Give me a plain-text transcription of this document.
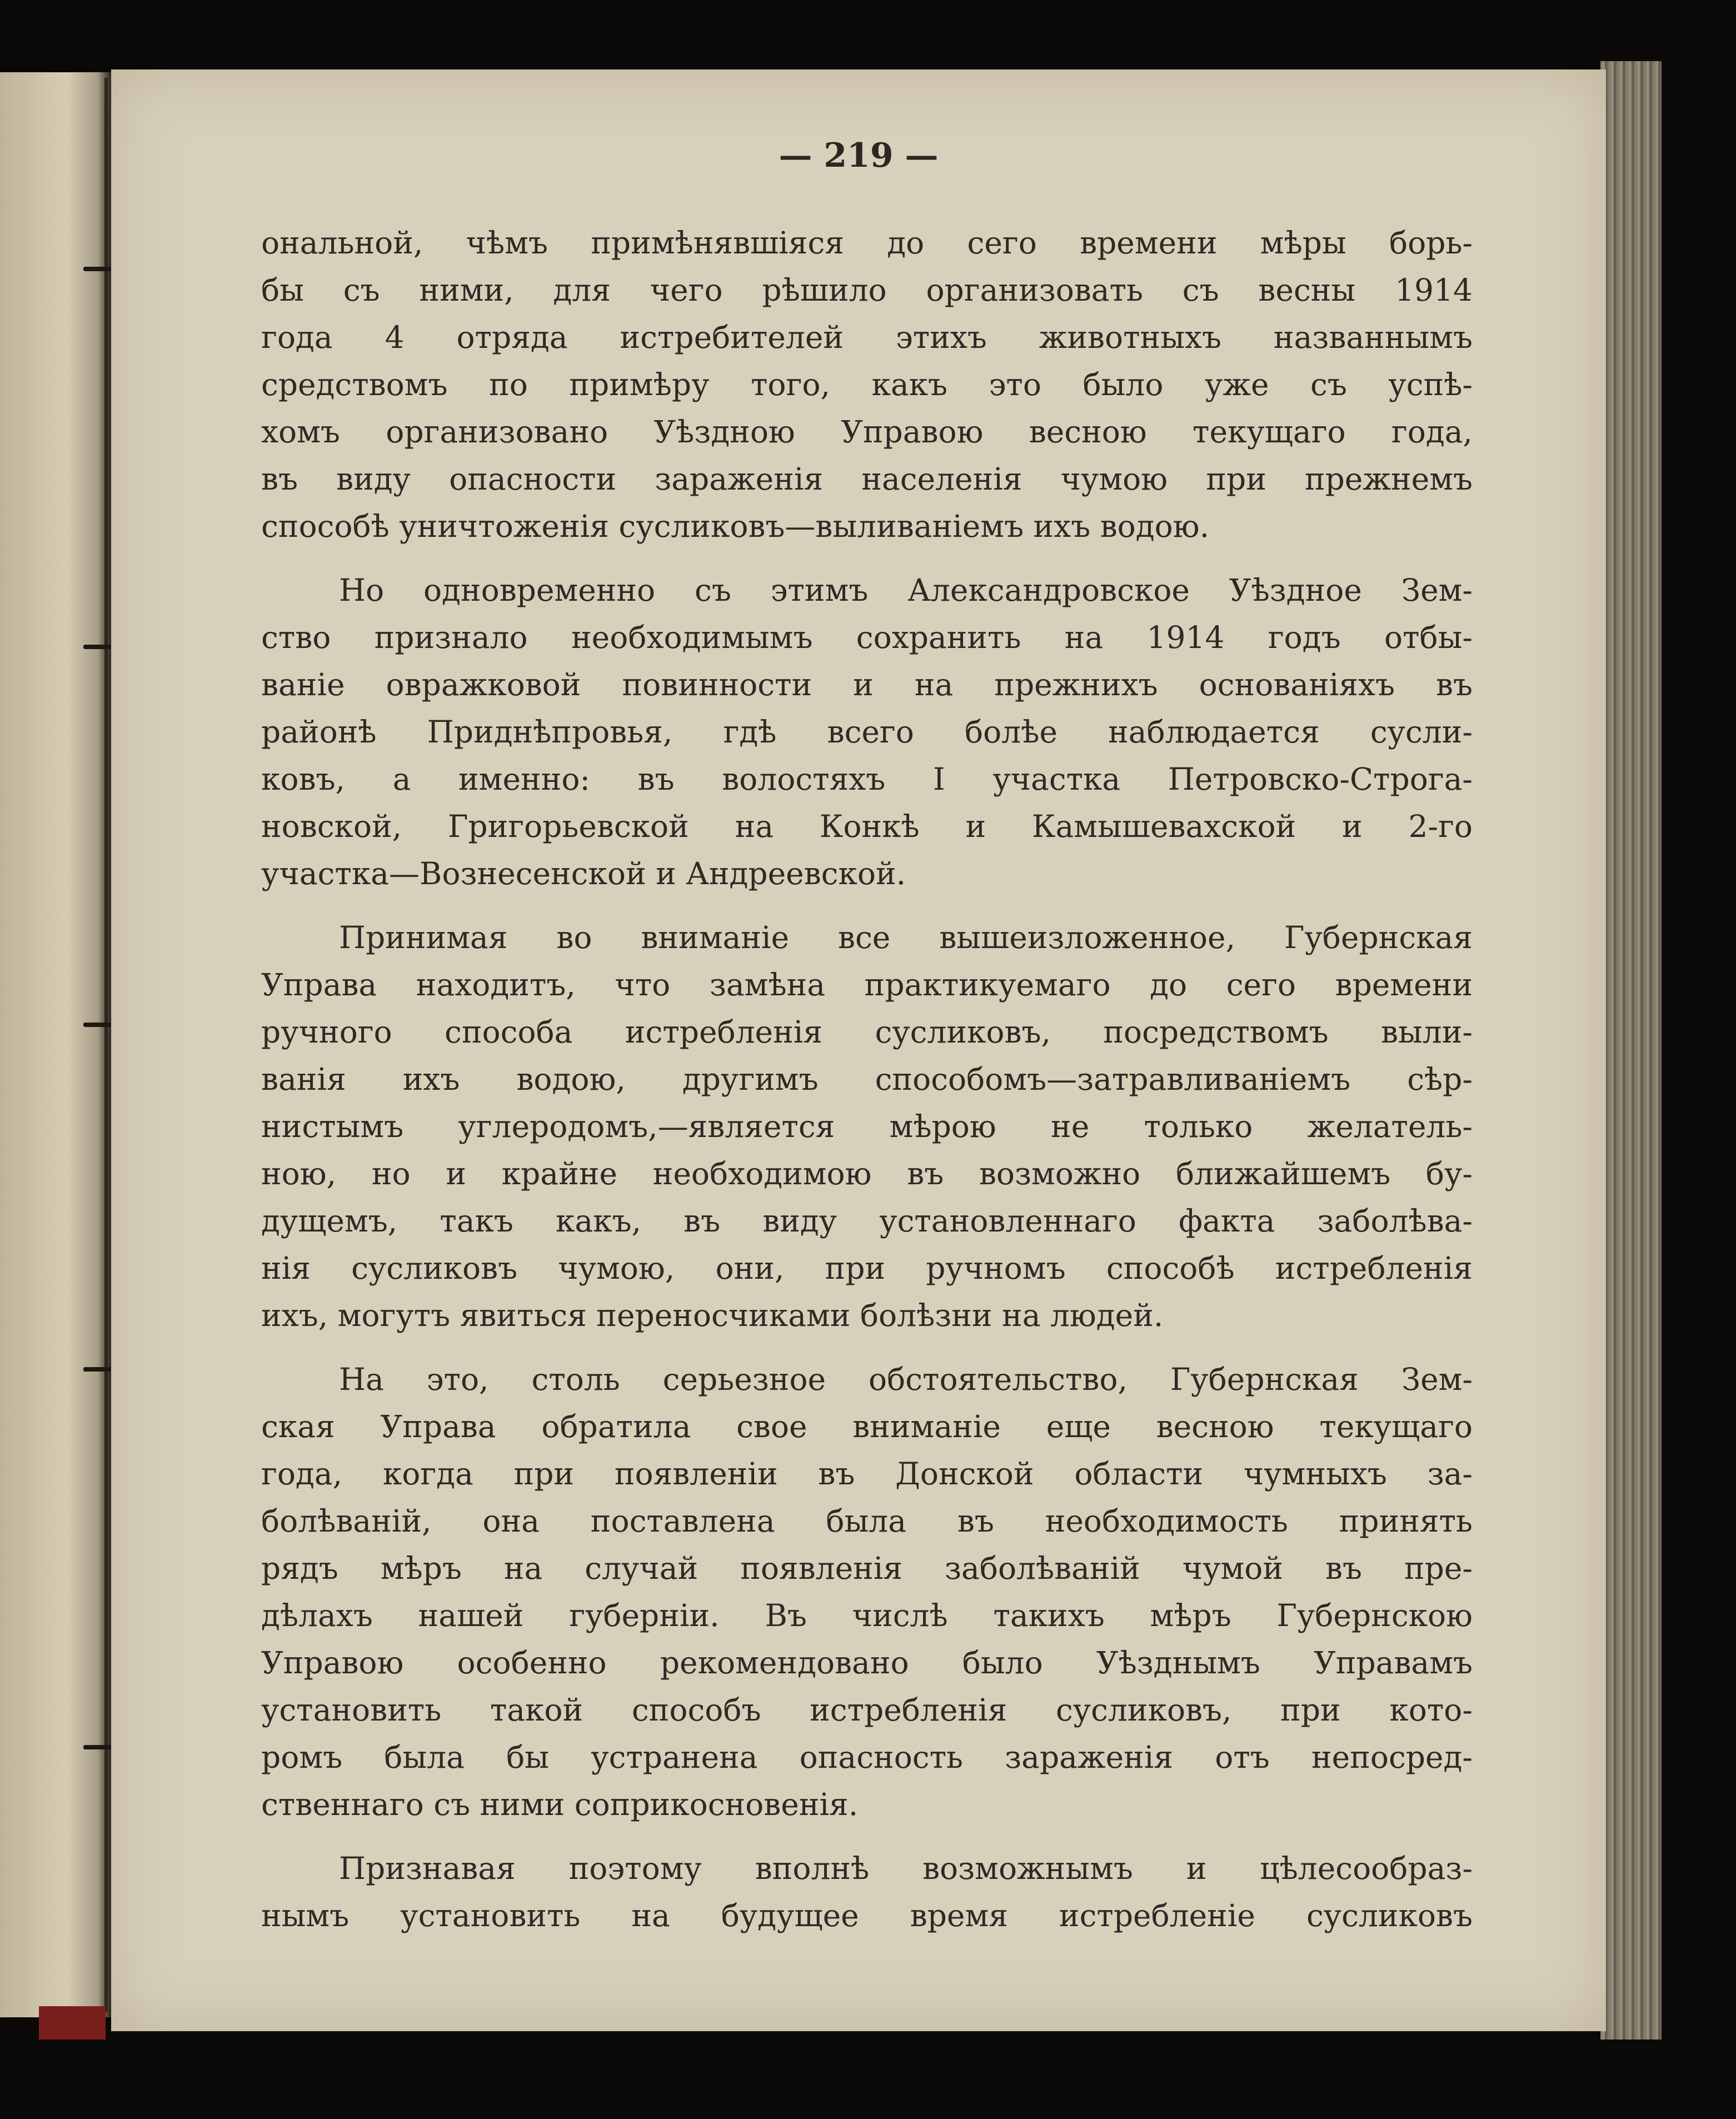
— 219 —
ональной, чѣмъ примѣнявшіяся до сего времени мѣры борь-
бы съ ними, для чего рѣшило организовать съ весны 1914
года 4 отряда истребителей этихъ животныхъ названнымъ
средствомъ по примѣру того, какъ это было уже съ успѣ-
хомъ организовано Уѣздною Управою весною текущаго года,
въ виду опасности зараженія населенія чумою при прежнемъ
способѣ уничтоженія сусликовъ—выливаніемъ ихъ водою.
Но одновременно съ этимъ Александровское Уѣздное Зем-
ство признало необходимымъ сохранить на 1914 годъ отбы-
ваніе овражковой повинности и на прежнихъ основаніяхъ въ
районѣ Приднѣпровья, гдѣ всего болѣе наблюдается сусли-
ковъ, а именно: въ волостяхъ I участка Петровско-Строга-
новской, Григорьевской на Конкѣ и Камышевахской и 2-го
участка—Вознесенской и Андреевской.
Принимая во вниманіе все вышеизложенное, Губернская
Управа находитъ, что замѣна практикуемаго до сего времени
ручного способа истребленія сусликовъ, посредствомъ выли-
ванія ихъ водою, другимъ способомъ—затравливаніемъ сѣр-
нистымъ углеродомъ,—является мѣрою не только желатель-
ною, но и крайне необходимою въ возможно ближайшемъ бу-
дущемъ, такъ какъ, въ виду установленнаго факта заболѣва-
нія сусликовъ чумою, они, при ручномъ способѣ истребленія
ихъ, могутъ явиться переносчиками болѣзни на людей.
На это, столь серьезное обстоятельство, Губернская Зем-
ская Управа обратила свое вниманіе еще весною текущаго
года, когда при появленіи въ Донской области чумныхъ за-
болѣваній, она поставлена была въ необходимость принять
рядъ мѣръ на случай появленія заболѣваній чумой въ пре-
дѣлахъ нашей губерніи. Въ числѣ такихъ мѣръ Губернскою
Управою особенно рекомендовано было Уѣзднымъ Управамъ
установить такой способъ истребленія сусликовъ, при кото-
ромъ была бы устранена опасность зараженія отъ непосред-
ственнаго съ ними соприкосновенія.
Признавая поэтому вполнѣ возможнымъ и цѣлесообраз-
нымъ установить на будущее время истребленіе сусликовъ
